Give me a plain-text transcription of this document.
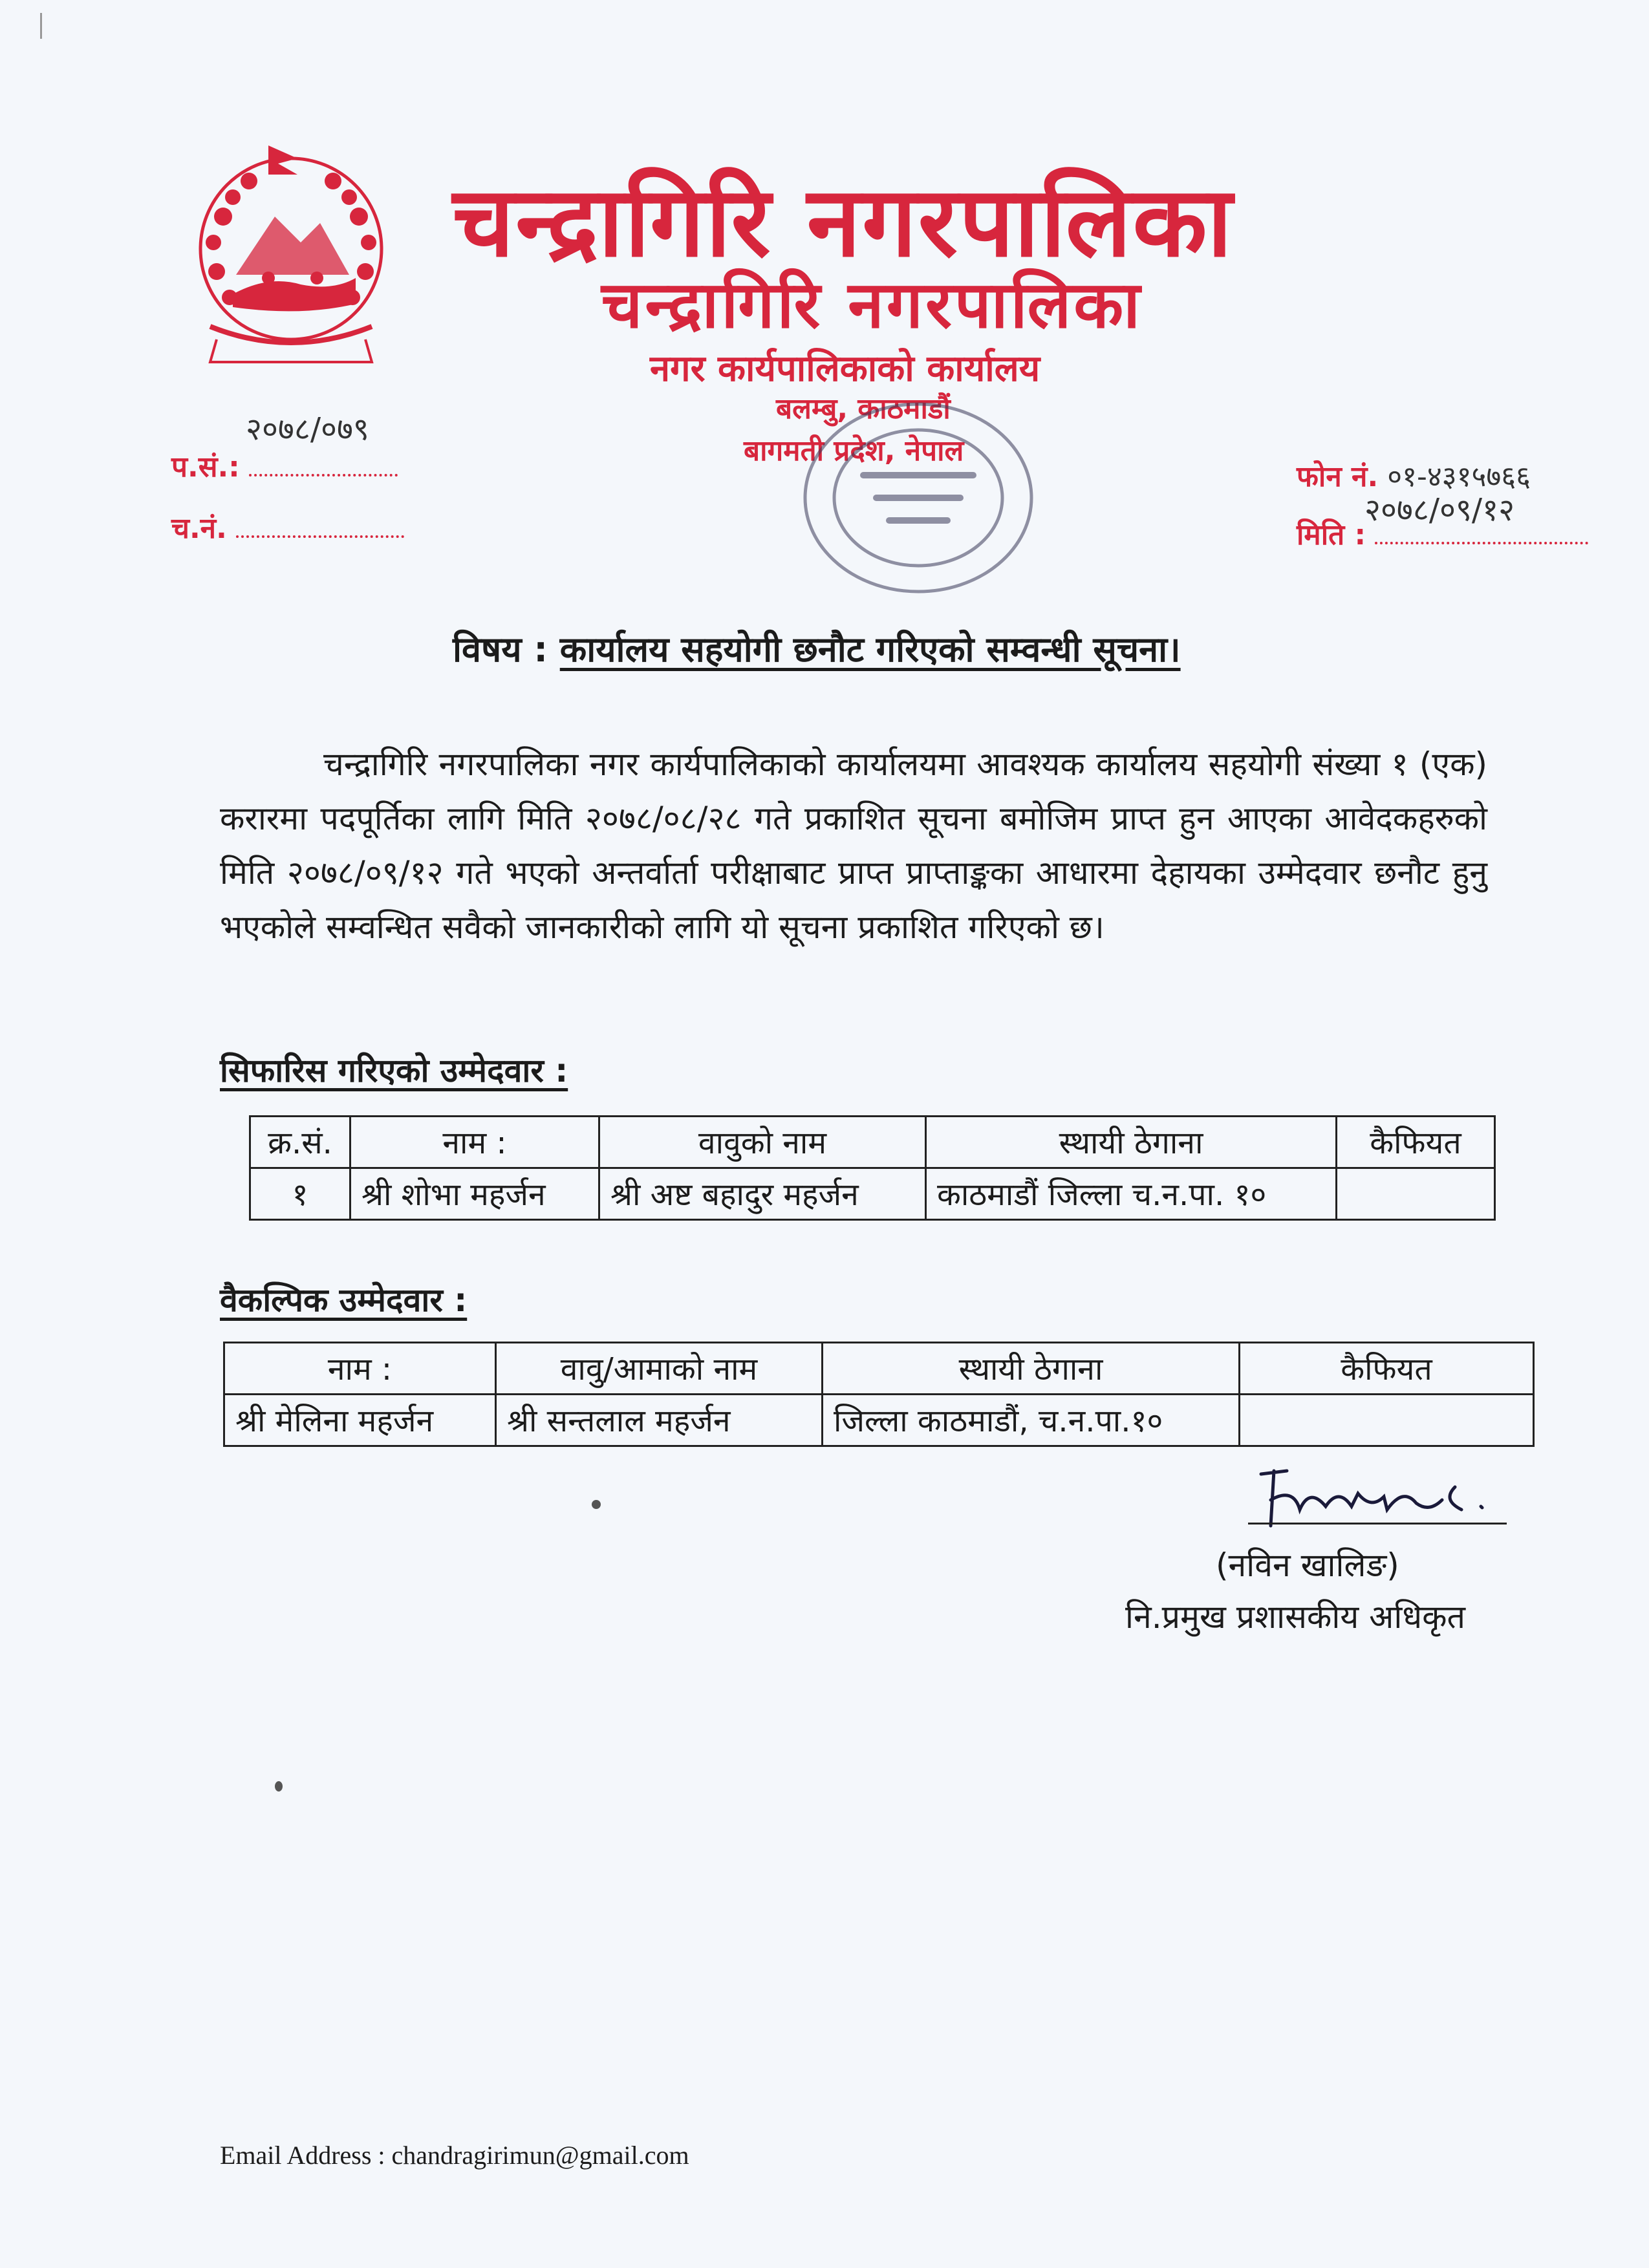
चन्द्रागिरि नगरपालिका
चन्द्रागिरि नगरपालिका
नगर कार्यपालिकाको कार्यालय
बलम्बु, काठमाडौं
बागमती प्रदेश, नेपाल
२०७८/०७९
प.सं.:
च.नं.
फोन नं. ०१-४३१५७६६
२०७८/०९/१२
मिति :
विषय : कार्यालय सहयोगी छनौट गरिएको सम्वन्धी सूचना।
चन्द्रागिरि नगरपालिका नगर कार्यपालिकाको कार्यालयमा आवश्यक कार्यालय सहयोगी संख्या १ (एक) करारमा पदपूर्तिका लागि मिति २०७८/०८/२८ गते प्रकाशित सूचना बमोजिम प्राप्त हुन आएका आवेदकहरुको मिति २०७८/०९/१२ गते भएको अन्तर्वार्ता परीक्षाबाट प्राप्त प्राप्ताङ्कका आधारमा देहायका उम्मेदवार छनौट हुनु भएकोले सम्वन्धित सवैको जानकारीको लागि यो सूचना प्रकाशित गरिएको छ।
सिफारिस गरिएको उम्मेदवार :
क्र.सं.	नाम :	वावुको नाम	स्थायी ठेगाना	कैफियत
१	श्री शोभा महर्जन	श्री अष्ट बहादुर महर्जन	काठमाडौं जिल्ला च.न.पा. १०	
वैकल्पिक उम्मेदवार :
नाम :	वावु/आमाको नाम	स्थायी ठेगाना	कैफियत
श्री मेलिना महर्जन	श्री सन्तलाल महर्जन	जिल्ला काठमाडौं, च.न.पा.१०	
(नविन खालिङ)
नि.प्रमुख प्रशासकीय अधिकृत
Email Address : chandragirimun@gmail.com
